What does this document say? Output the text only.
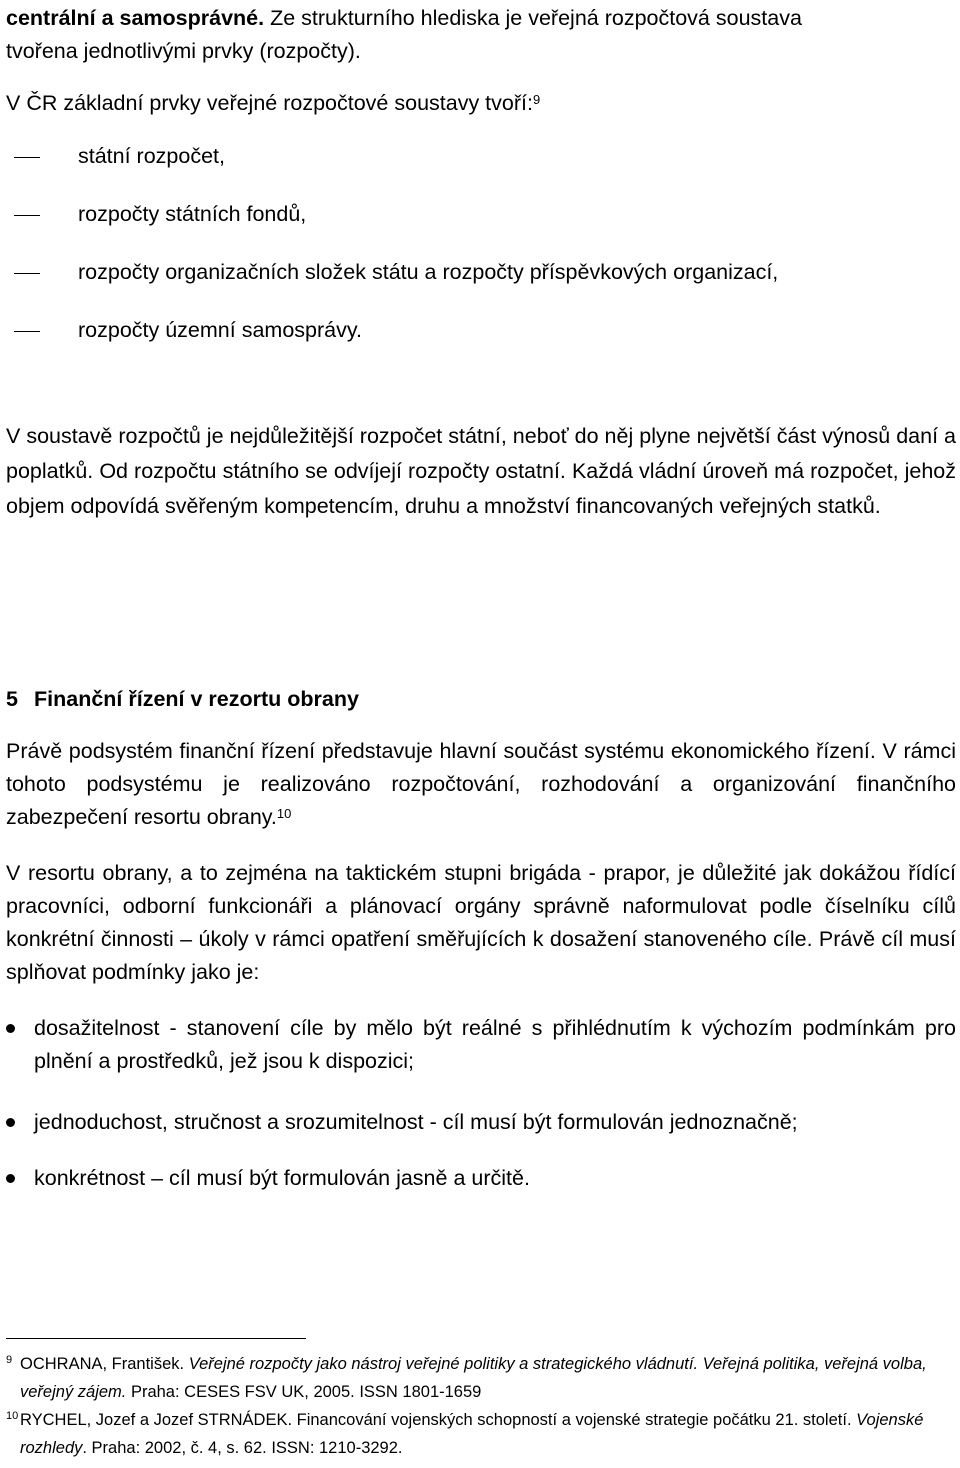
centrální a samosprávné. Ze strukturního hlediska je veřejná rozpočtová soustava

tvořena jednotlivými prvky (rozpočty).

V ČR základní prvky veřejné rozpočtové soustavy tvoří:$^9$
státní rozpočet,
rozpočty státních fondů,
rozpočty organizačních složek státu a rozpočty příspěvkových organizací,
rozpočty územní samosprávy.

V soustavě rozpočtů je nejdůležitější rozpočet státní, neboť do něj plyne největší část výnosů daní a poplatků. Od rozpočtu státního se odvíjejí rozpočty ostatní. Každá vládní úroveň má rozpočet, jehož objem odpovídá svěřeným kompetencím, druhu a množství financovaných veřejných statků.

5 Finanční řízení v rezortu obrany

Právě podsystém finanční řízení představuje hlavní součást systému ekonomického řízení. V rámci tohoto podsystému je realizováno rozpočtování, rozhodování a organizování finančního zabezpečení resortu obrany.$^{10}$

V resortu obrany, a to zejména na taktickém stupni brigáda - prapor, je důležité jak dokážou řídící pracovníci, odborní funkcionáři a plánovací orgány správně naformulovat podle číselníku cílů konkrétní činnosti – úkoly v rámci opatření směřujících k dosažení stanoveného cíle. Právě cíl musí splňovat podmínky jako je:

dosažitelnost - stanovení cíle by mělo být reálné s přihlédnutím k výchozím podmínkám pro plnění a prostředků, jež jsou k dispozici;
jednoduchost, stručnost a srozumitelnost - cíl musí být formulován jednoznačně;
konkrétnost – cíl musí být formulován jasně a určitě.
9 OCHRANA, František. Veřejné rozpočty jako nástroj veřejné politiky a strategického vládnutí. Veřejná politika, veřejná volba, veřejný zájem. Praha: CESES FSV UK, 2005. ISSN 1801-1659
10 RYCHEL, Jozef a Jozef STRNÁDEK. Financování vojenských schopností a vojenské strategie počátku 21. století. Vojenské rozhledy. Praha: 2002, č. 4, s. 62. ISSN: 1210-3292.
